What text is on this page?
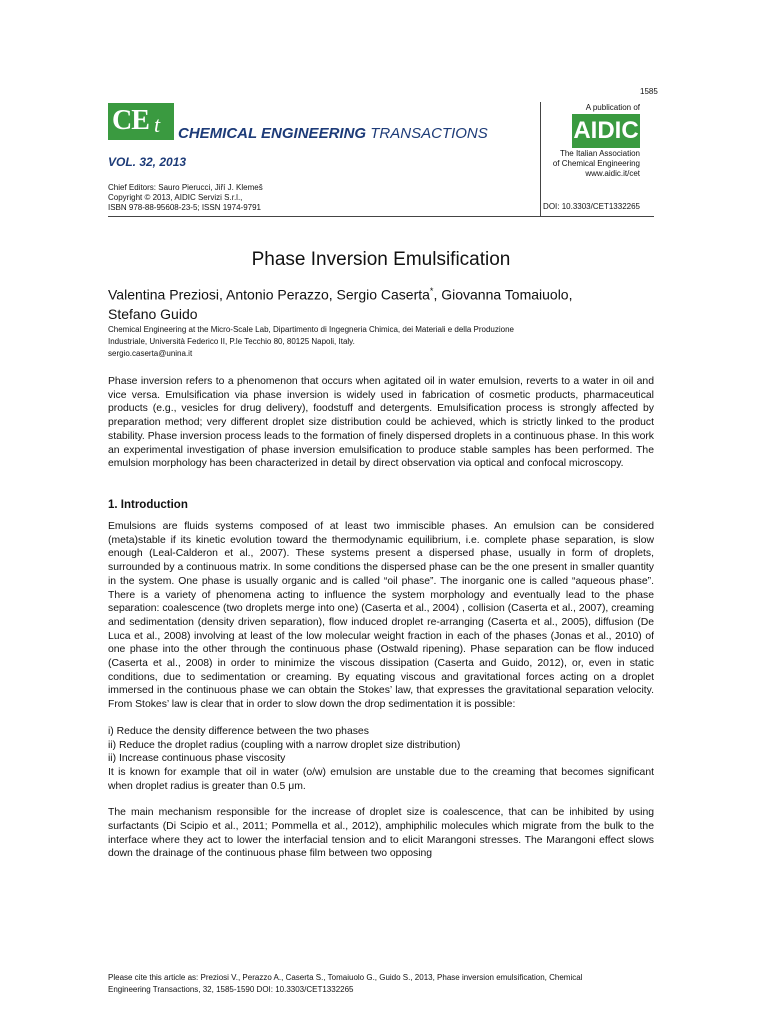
1585
CE t CHEMICAL ENGINEERING TRANSACTIONS
VOL. 32, 2013
Chief Editors: Sauro Pierucci, Jiří J. Klemeš
Copyright © 2013, AIDIC Servizi S.r.l.,
ISBN 978-88-95608-23-5; ISSN 1974-9791
A publication of
AIDIC
The Italian Association
of Chemical Engineering
www.aidic.it/cet
DOI: 10.3303/CET1332265
Phase Inversion Emulsification
Valentina Preziosi, Antonio Perazzo, Sergio Caserta*, Giovanna Tomaiuolo,
Stefano Guido
Chemical Engineering at the Micro-Scale Lab, Dipartimento di Ingegneria Chimica, dei Materiali e della Produzione
Industriale, Università Federico II, P.le Tecchio 80, 80125 Napoli, Italy.
sergio.caserta@unina.it

Phase inversion refers to a phenomenon that occurs when agitated oil in water emulsion, reverts to a water in oil and vice versa. Emulsification via phase inversion is widely used in fabrication of cosmetic products, pharmaceutical products (e.g., vesicles for drug delivery), foodstuff and detergents. Emulsification process is strongly affected by preparation method; very different droplet size distribution could be achieved, which is strictly linked to the product stability. Phase inversion process leads to the formation of finely dispersed droplets in a continuous phase. In this work an experimental investigation of phase inversion emulsification to produce stable samples has been performed. The emulsion morphology has been characterized in detail by direct observation via optical and confocal microscopy.

1. Introduction

Emulsions are fluids systems composed of at least two immiscible phases. An emulsion can be considered (meta)stable if its kinetic evolution toward the thermodynamic equilibrium, i.e. complete phase separation, is slow enough (Leal-Calderon et al., 2007). These systems present a dispersed phase, usually in form of droplets, surrounded by a continuous matrix. In some conditions the dispersed phase can be the one present in smaller quantity in the system. One phase is usually organic and is called “oil phase”. The inorganic one is called “aqueous phase”. There is a variety of phenomena acting to influence the system morphology and eventually lead to the phase separation: coalescence (two droplets merge into one) (Caserta et al., 2004) , collision (Caserta et al., 2007), creaming and sedimentation (density driven separation), flow induced droplet re-arranging (Caserta et al., 2005), diffusion (De Luca et al., 2008) involving at least of the low molecular weight fraction in each of the phases (Jonas et al., 2010) of one phase into the other through the continuous phase (Ostwald ripening). Phase separation can be flow induced (Caserta et al., 2008) in order to minimize the viscous dissipation (Caserta and Guido, 2012), or, even in static conditions, due to sedimentation or creaming. By equating viscous and gravitational forces acting on a droplet immersed in the continuous phase we can obtain the Stokes’ law, that expresses the gravitational separation velocity. From Stokes’ law is clear that in order to slow down the drop sedimentation it is possible:

i) Reduce the density difference between the two phases

ii) Reduce the droplet radius (coupling with a narrow droplet size distribution)

ii) Increase continuous phase viscosity

It is known for example that oil in water (o/w) emulsion are unstable due to the creaming that becomes significant when droplet radius is greater than 0.5 μm.

The main mechanism responsible for the increase of droplet size is coalescence, that can be inhibited by using surfactants (Di Scipio et al., 2011; Pommella et al., 2012), amphiphilic molecules which migrate from the bulk to the interface where they act to lower the interfacial tension and to elicit Marangoni stresses. The Marangoni effect slows down the drainage of the continuous phase film between two opposing

Please cite this article as: Preziosi V., Perazzo A., Caserta S., Tomaiuolo G., Guido S., 2013, Phase inversion emulsification, Chemical
Engineering Transactions, 32, 1585-1590 DOI: 10.3303/CET1332265
